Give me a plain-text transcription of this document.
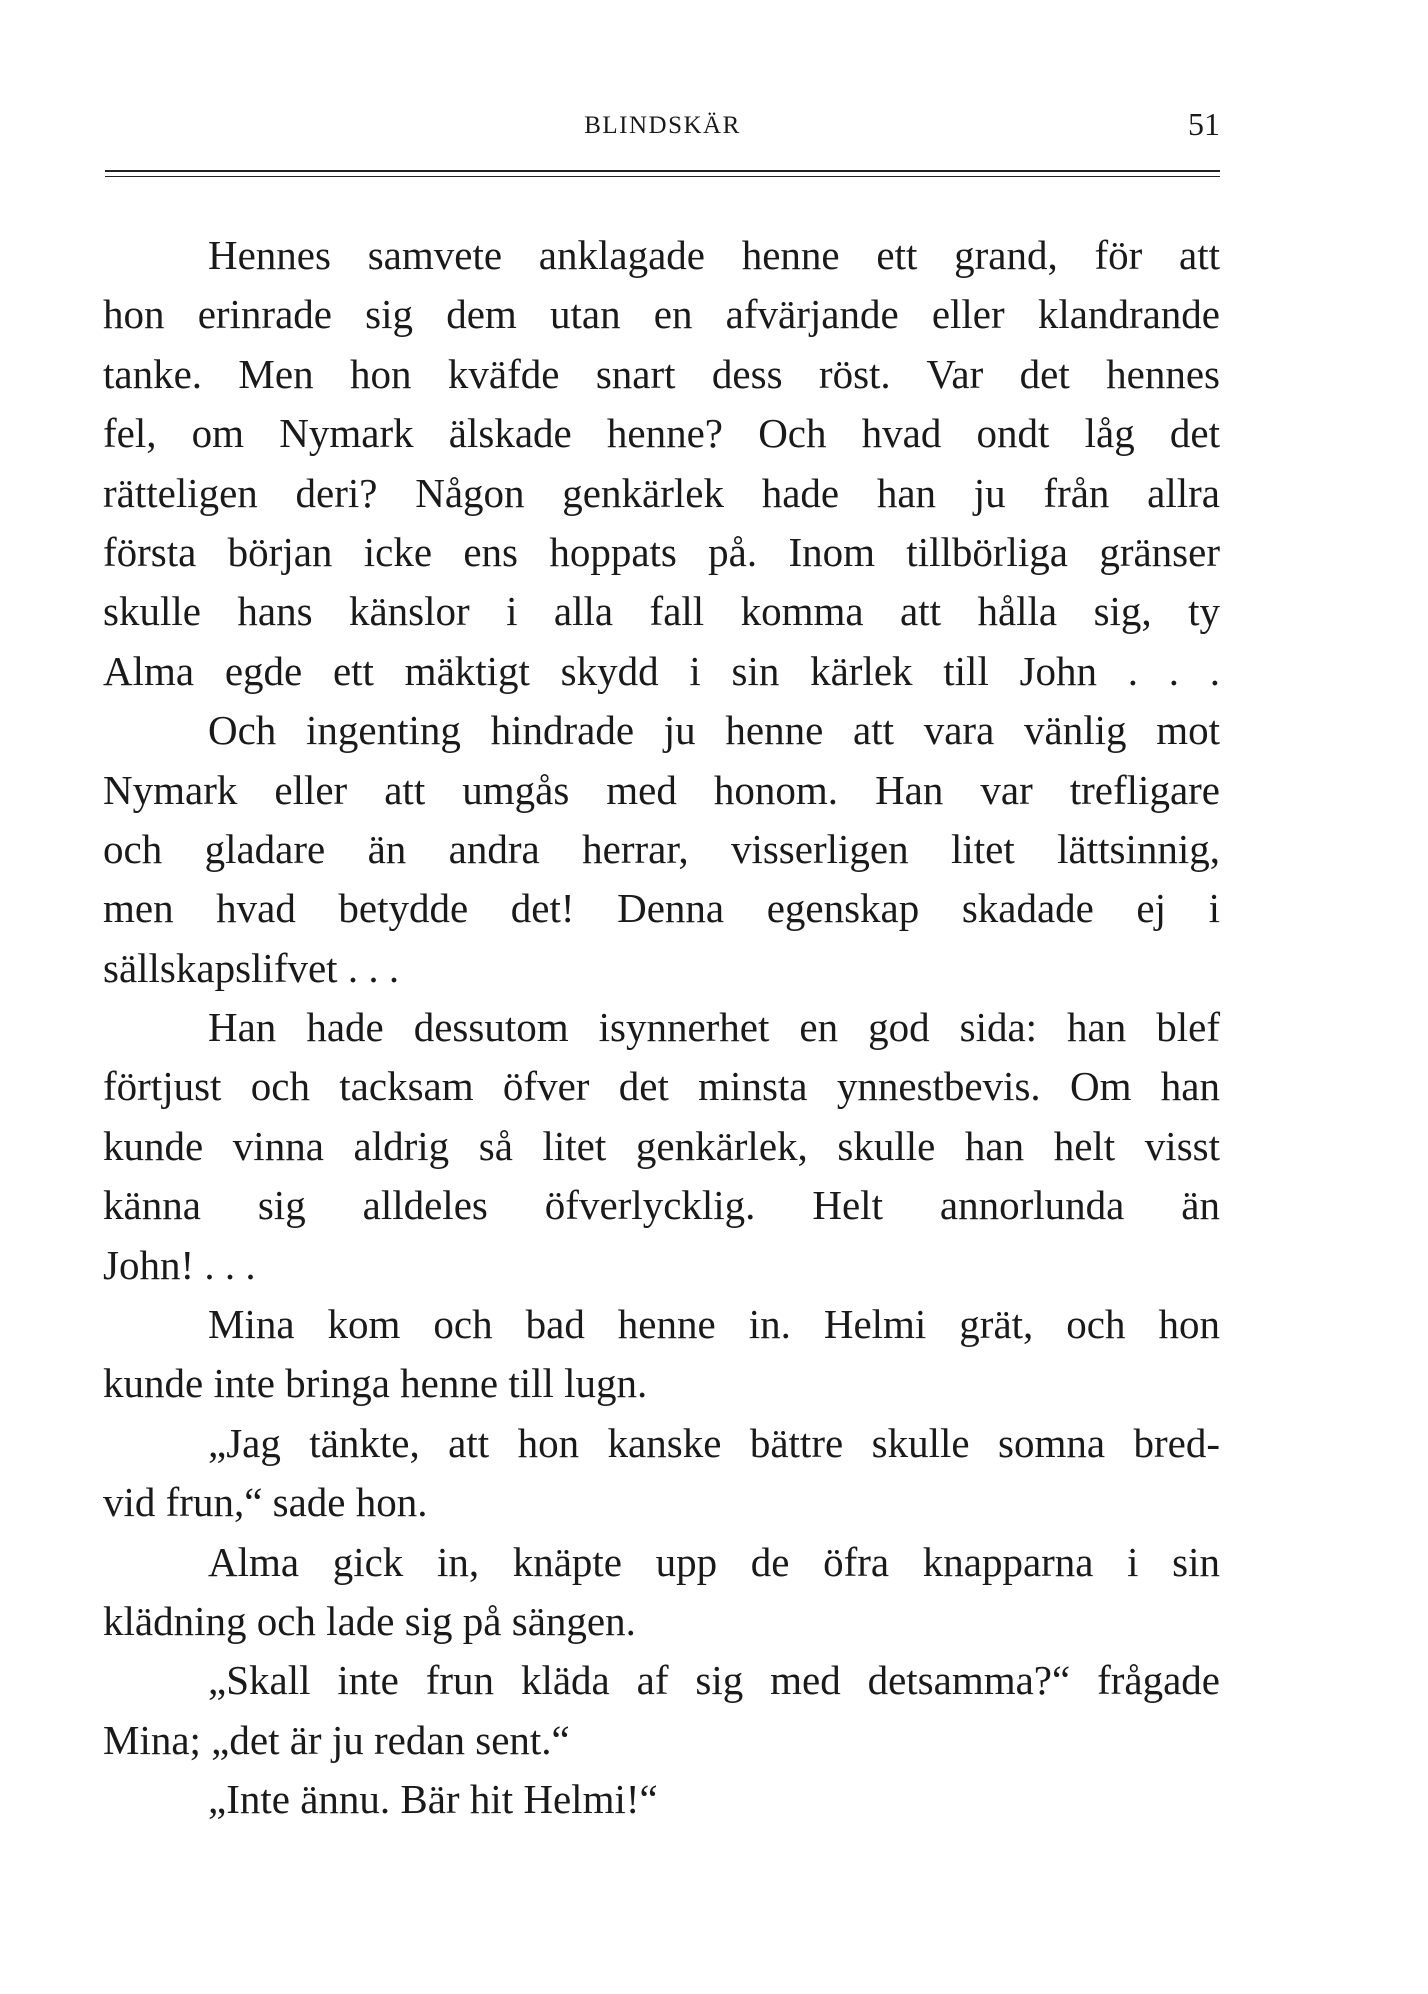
BLINDSKÄR	51
Hennes samvete anklagade henne ett grand, för att
hon erinrade sig dem utan en afvärjande eller klandrande
tanke. Men hon kväfde snart dess röst. Var det hennes
fel, om Nymark älskade henne? Och hvad ondt låg det
rätteligen deri? Någon genkärlek hade han ju från allra
första början icke ens hoppats på. Inom tillbörliga gränser
skulle hans känslor i alla fall komma att hålla sig, ty
Alma egde ett mäktigt skydd i sin kärlek till John . . .
Och ingenting hindrade ju henne att vara vänlig mot
Nymark eller att umgås med honom. Han var trefligare
och gladare än andra herrar, visserligen litet lättsinnig,
men hvad betydde det! Denna egenskap skadade ej i
sällskapslifvet . . .
Han hade dessutom isynnerhet en god sida: han blef
förtjust och tacksam öfver det minsta ynnestbevis. Om han
kunde vinna aldrig så litet genkärlek, skulle han helt visst
känna sig alldeles öfverlycklig. Helt annorlunda än
John! . . .
Mina kom och bad henne in. Helmi grät, och hon
kunde inte bringa henne till lugn.
„Jag tänkte, att hon kanske bättre skulle somna bred-
vid frun,“ sade hon.
Alma gick in, knäpte upp de öfra knapparna i sin
klädning och lade sig på sängen.
„Skall inte frun kläda af sig med detsamma?“ frågade
Mina; „det är ju redan sent.“
„Inte ännu. Bär hit Helmi!“
